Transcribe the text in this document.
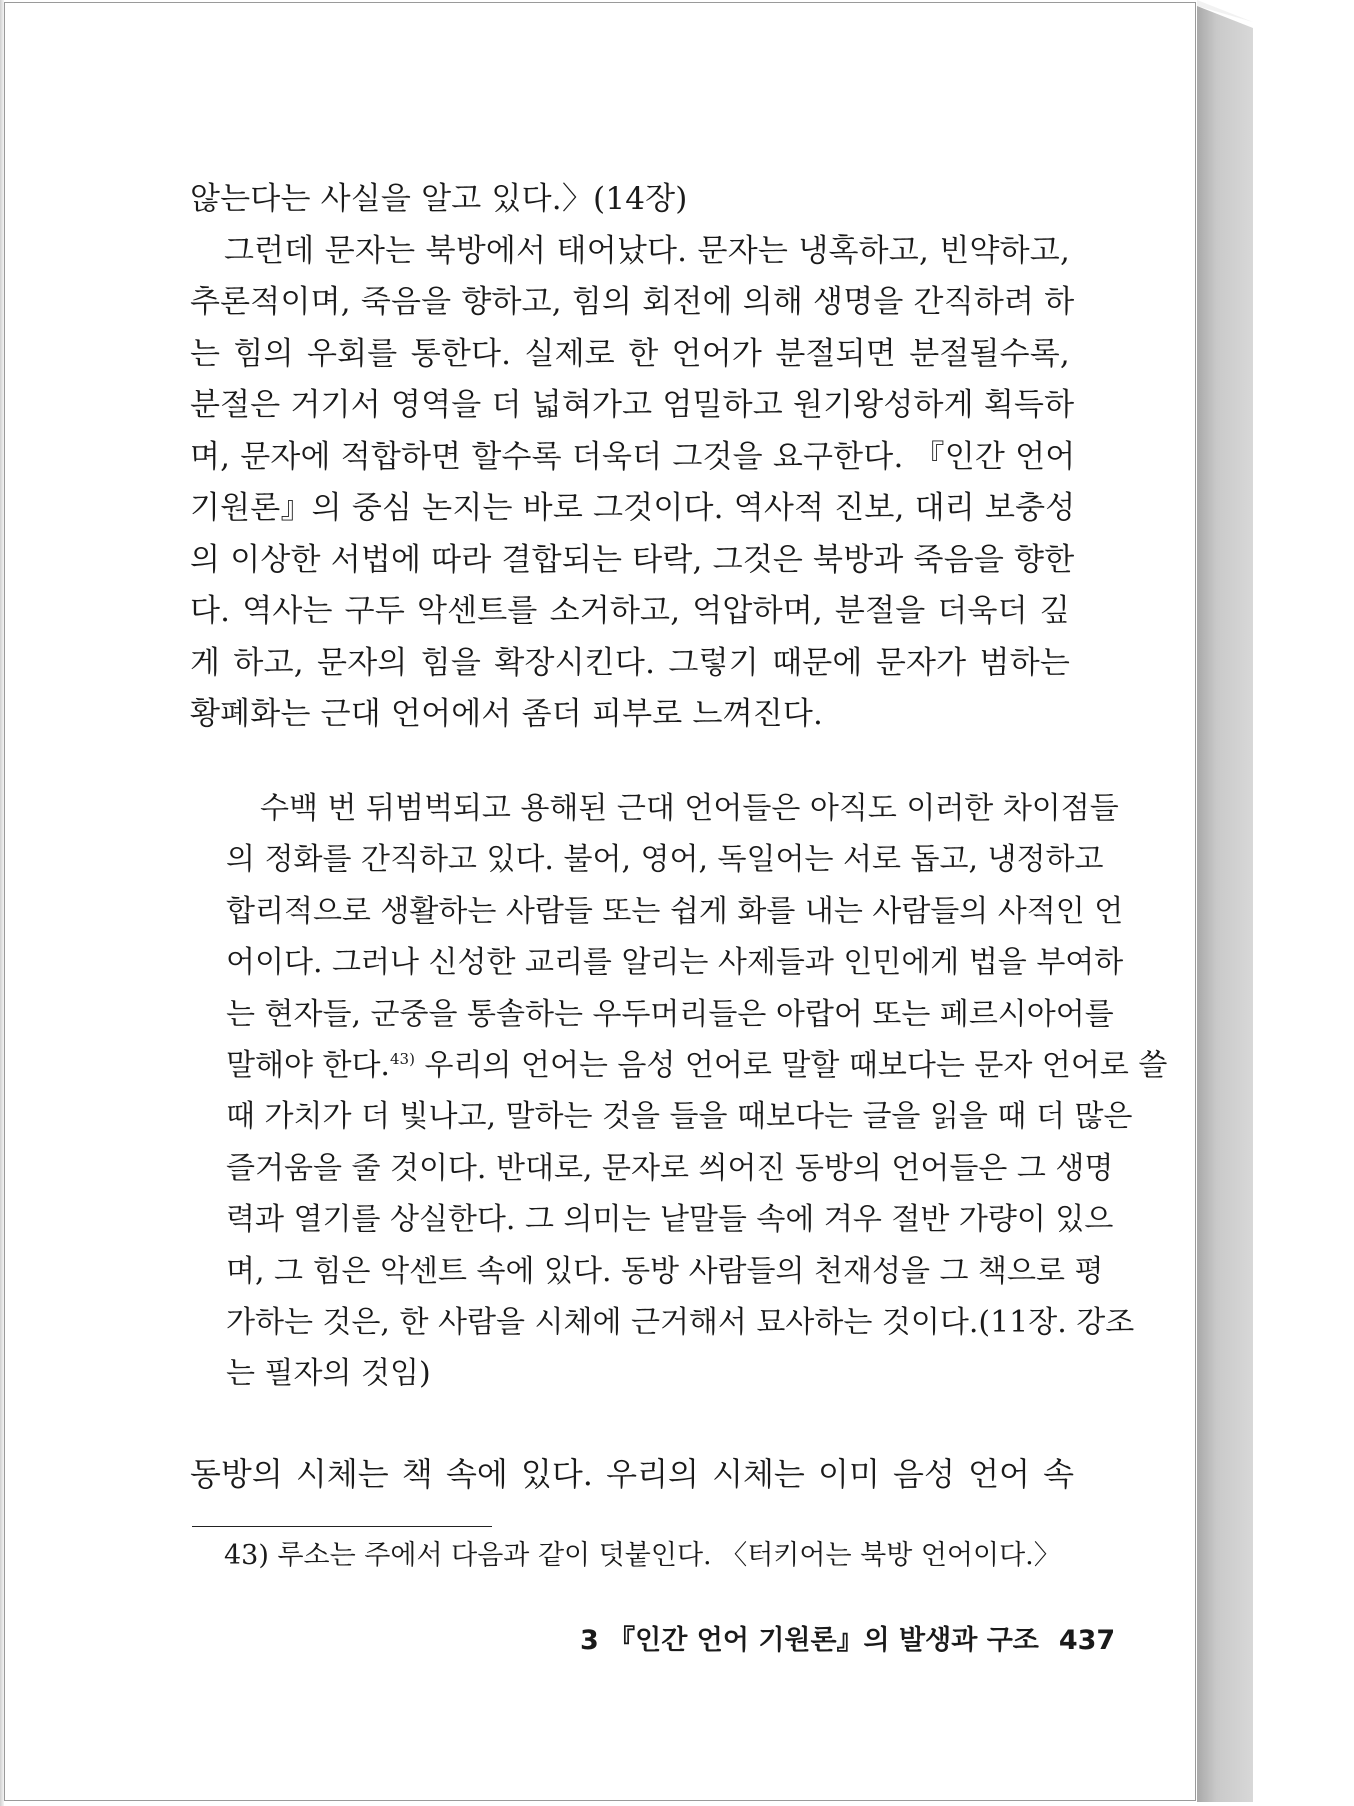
않는다는 사실을 알고 있다.〉(14장)
그런데 문자는 북방에서 태어났다. 문자는 냉혹하고, 빈약하고,
추론적이며, 죽음을 향하고, 힘의 회전에 의해 생명을 간직하려 하
는 힘의 우회를 통한다. 실제로 한 언어가 분절되면 분절될수록,
분절은 거기서 영역을 더 넓혀가고 엄밀하고 원기왕성하게 획득하
며, 문자에 적합하면 할수록 더욱더 그것을 요구한다. 『인간 언어
기원론』의 중심 논지는 바로 그것이다. 역사적 진보, 대리 보충성
의 이상한 서법에 따라 결합되는 타락, 그것은 북방과 죽음을 향한
다. 역사는 구두 악센트를 소거하고, 억압하며, 분절을 더욱더 깊
게 하고, 문자의 힘을 확장시킨다. 그렇기 때문에 문자가 범하는
황폐화는 근대 언어에서 좀더 피부로 느껴진다.
수백 번 뒤범벅되고 용해된 근대 언어들은 아직도 이러한 차이점들
의 정화를 간직하고 있다. 불어, 영어, 독일어는 서로 돕고, 냉정하고
합리적으로 생활하는 사람들 또는 쉽게 화를 내는 사람들의 사적인 언
어이다. 그러나 신성한 교리를 알리는 사제들과 인민에게 법을 부여하
는 현자들, 군중을 통솔하는 우두머리들은 아랍어 또는 페르시아어를
말해야 한다.$^{43)}$ 우리의 언어는 음성 언어로 말할 때보다는 문자 언어로 쓸
때 가치가 더 빛나고, 말하는 것을 들을 때보다는 글을 읽을 때 더 많은
즐거움을 줄 것이다. 반대로, 문자로 씌어진 동방의 언어들은 그 생명
력과 열기를 상실한다. 그 의미는 낱말들 속에 겨우 절반 가량이 있으
며, 그 힘은 악센트 속에 있다. 동방 사람들의 천재성을 그 책으로 평
가하는 것은, 한 사람을 시체에 근거해서 묘사하는 것이다.(11장. 강조
는 필자의 것임)
동방의 시체는 책 속에 있다. 우리의 시체는 이미 음성 언어 속
43) 루소는 주에서 다음과 같이 덧붙인다. 〈터키어는 북방 언어이다.〉
3 『인간 언어 기원론』의 발생과 구조 437
